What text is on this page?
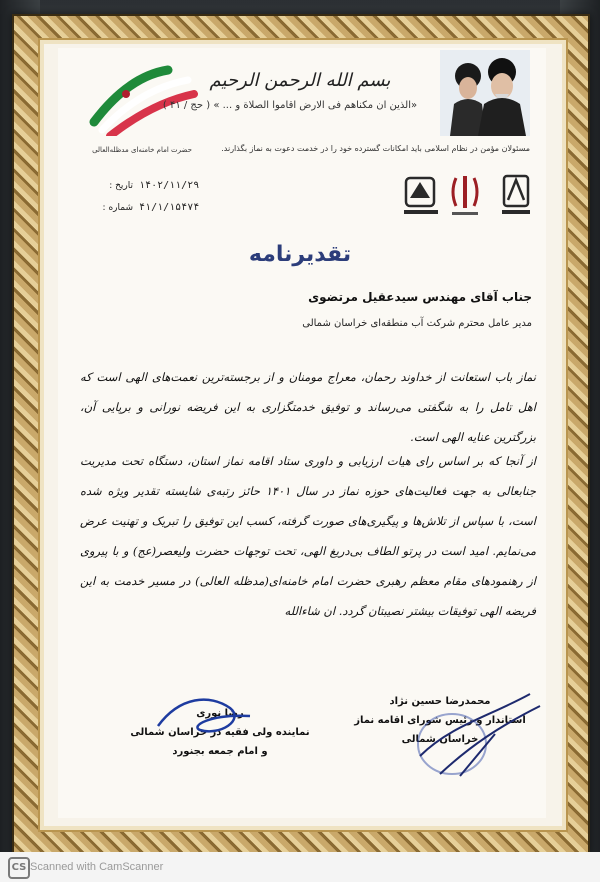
بسم الله الرحمن الرحیم
«الذین ان مکناهم فی الارض اقاموا الصلاة و ... » ( حج / ۴۱ )
مسئولان مؤمن در نظام اسلامی باید امکانات گسترده خود را در خدمت دعوت به نماز بگذارند.
حضرت امام خامنه‌ای مدظله‌العالی
تاریخ : ۱۴۰۲/۱۱/۲۹
شماره : ۴۱/۱/۱۵۴۷۴
تقدیرنامه
جناب آقای مهندس سیدعقیل مرتضوی
مدیر عامل محترم شرکت آب منطقه‌ای خراسان شمالی
نماز باب استعانت از خداوند رحمان، معراج مومنان و از برجسته‌ترین نعمت‌های الهی است که اهل تامل را به شگفتی می‌رساند و توفیق خدمتگزاری به این فریضه نورانی و برپایی آن، بزرگترین عنایه الهی است.
از آنجا که بر اساس رای هیات ارزیابی و داوری ستاد اقامه نماز استان، دستگاه تحت مدیریت جنابعالی به جهت فعالیت‌های حوزه نماز در سال ۱۴۰۱ حائز رتبه‌ی شایسته تقدیر ویژه شده است، با سپاس از تلاش‌ها و پیگیری‌های صورت گرفته، کسب این توفیق را تبریک و تهنیت عرض می‌نمایم. امید است در پرتو الطاف بی‌دریغ الهی، تحت توجهات حضرت ولیعصر(عج) و با پیروی از رهنمودهای مقام معظم رهبری حضرت امام خامنه‌ای(مدظله العالی) در مسیر خدمت به این فریضه الهی توفیقات بیشتر نصیبتان گردد. ان شاءالله
محمدرضا حسین نژاد
استاندار و رئیس شورای اقامه نماز
خراسان شمالی
رضا نوری
نماینده ولی فقیه در خراسان شمالی
و امام جمعه بجنورد
CS Scanned with CamScanner
